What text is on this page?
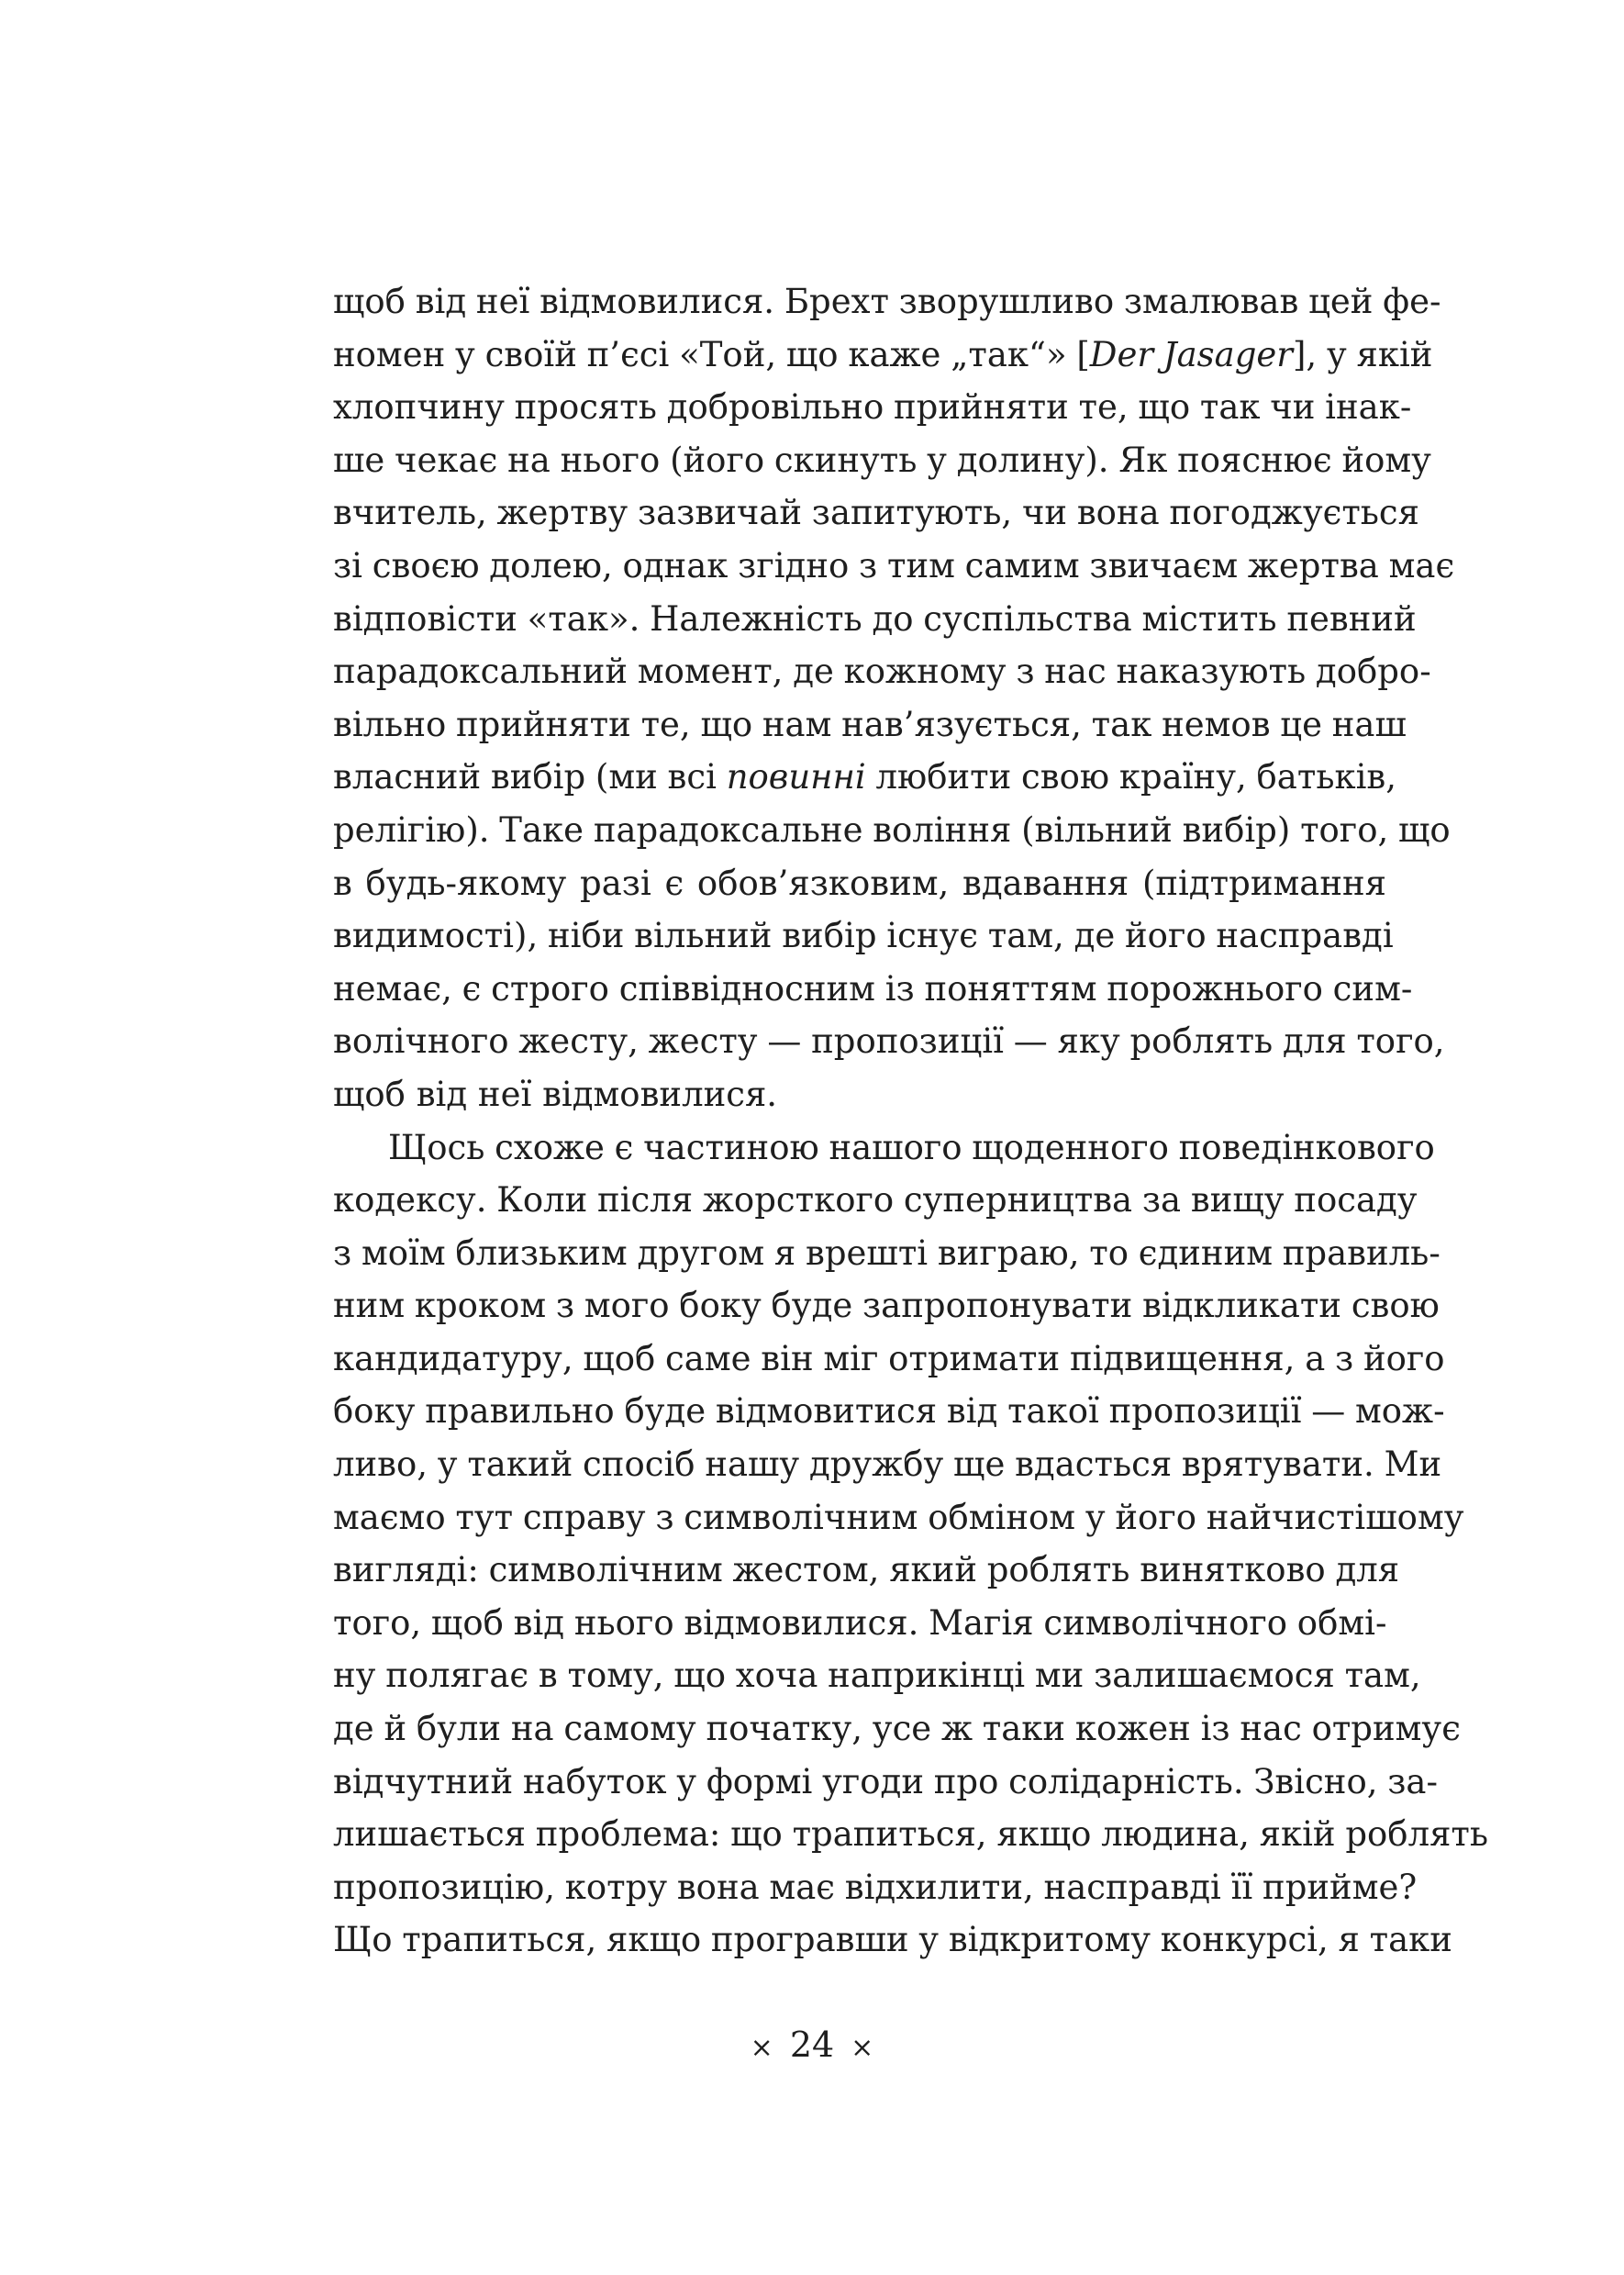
щоб від неї відмовилися. Брехт зворушливо змалював цей фе-
номен у своїй п’єсі «Той, що каже „так“» [Der Jasager], у якій
хлопчину просять добровільно прийняти те, що так чи інак-
ше чекає на нього (його скинуть у долину). Як пояснює йому
вчитель, жертву зазвичай запитують, чи вона погоджується
зі своєю долею, однак згідно з тим самим звичаєм жертва має
відповісти «так». Належність до суспільства містить певний
парадоксальний момент, де кожному з нас наказують добро-
вільно прийняти те, що нам нав’язується, так немов це наш
власний вибір (ми всі повинні любити свою країну, батьків,
релігію). Таке парадоксальне воління (вільний вибір) того, що
в будь-якому разі є обов’язковим, вдавання (підтримання
видимості), ніби вільний вибір існує там, де його насправді
немає, є строго співвідносним із поняттям порожнього сим-
волічного жесту, жесту — пропозиції — яку роблять для того,
щоб від неї відмовилися.
Щось схоже є частиною нашого щоденного поведінкового
кодексу. Коли після жорсткого суперництва за вищу посаду
з моїм близьким другом я врешті виграю, то єдиним правиль-
ним кроком з мого боку буде запропонувати відкликати свою
кандидатуру, щоб саме він міг отримати підвищення, а з його
боку правильно буде відмовитися від такої пропозиції — мож-
ливо, у такий спосіб нашу дружбу ще вдасться врятувати. Ми
маємо тут справу з символічним обміном у його найчистішому
вигляді: символічним жестом, який роблять винятково для
того, щоб від нього відмовилися. Магія символічного обмі-
ну полягає в тому, що хоча наприкінці ми залишаємося там,
де й були на самому початку, усе ж таки кожен із нас отримує
відчутний набуток у формі угоди про солідарність. Звісно, за-
лишається проблема: що трапиться, якщо людина, якій роблять
пропозицію, котру вона має відхилити, насправді її прийме?
Що трапиться, якщо програвши у відкритому конкурсі, я таки
× 24 ×
